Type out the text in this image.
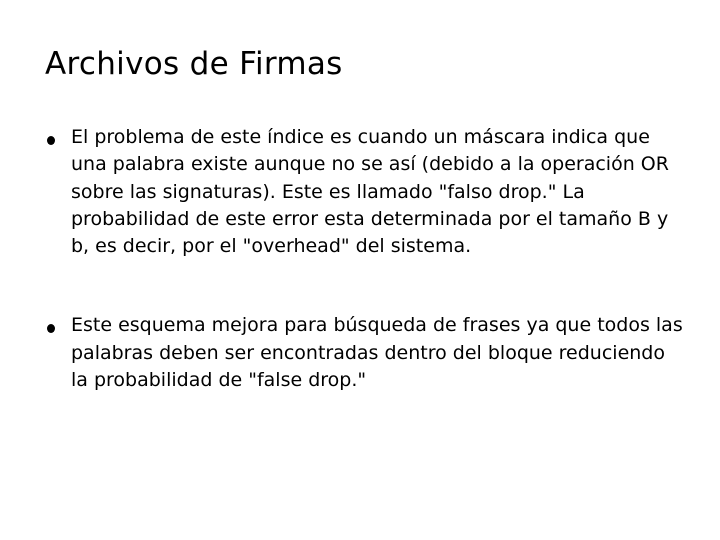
Archivos de Firmas
El problema de este índice es cuando un máscara indica que una palabra existe aunque no se así (debido a la operación OR sobre las signaturas). Este es llamado "falso drop." La probabilidad de este error esta determinada por el tamaño B y b, es decir, por el "overhead" del sistema.
Este esquema mejora para búsqueda de frases ya que todos las palabras deben ser encontradas dentro del bloque reduciendo la probabilidad de "false drop."
